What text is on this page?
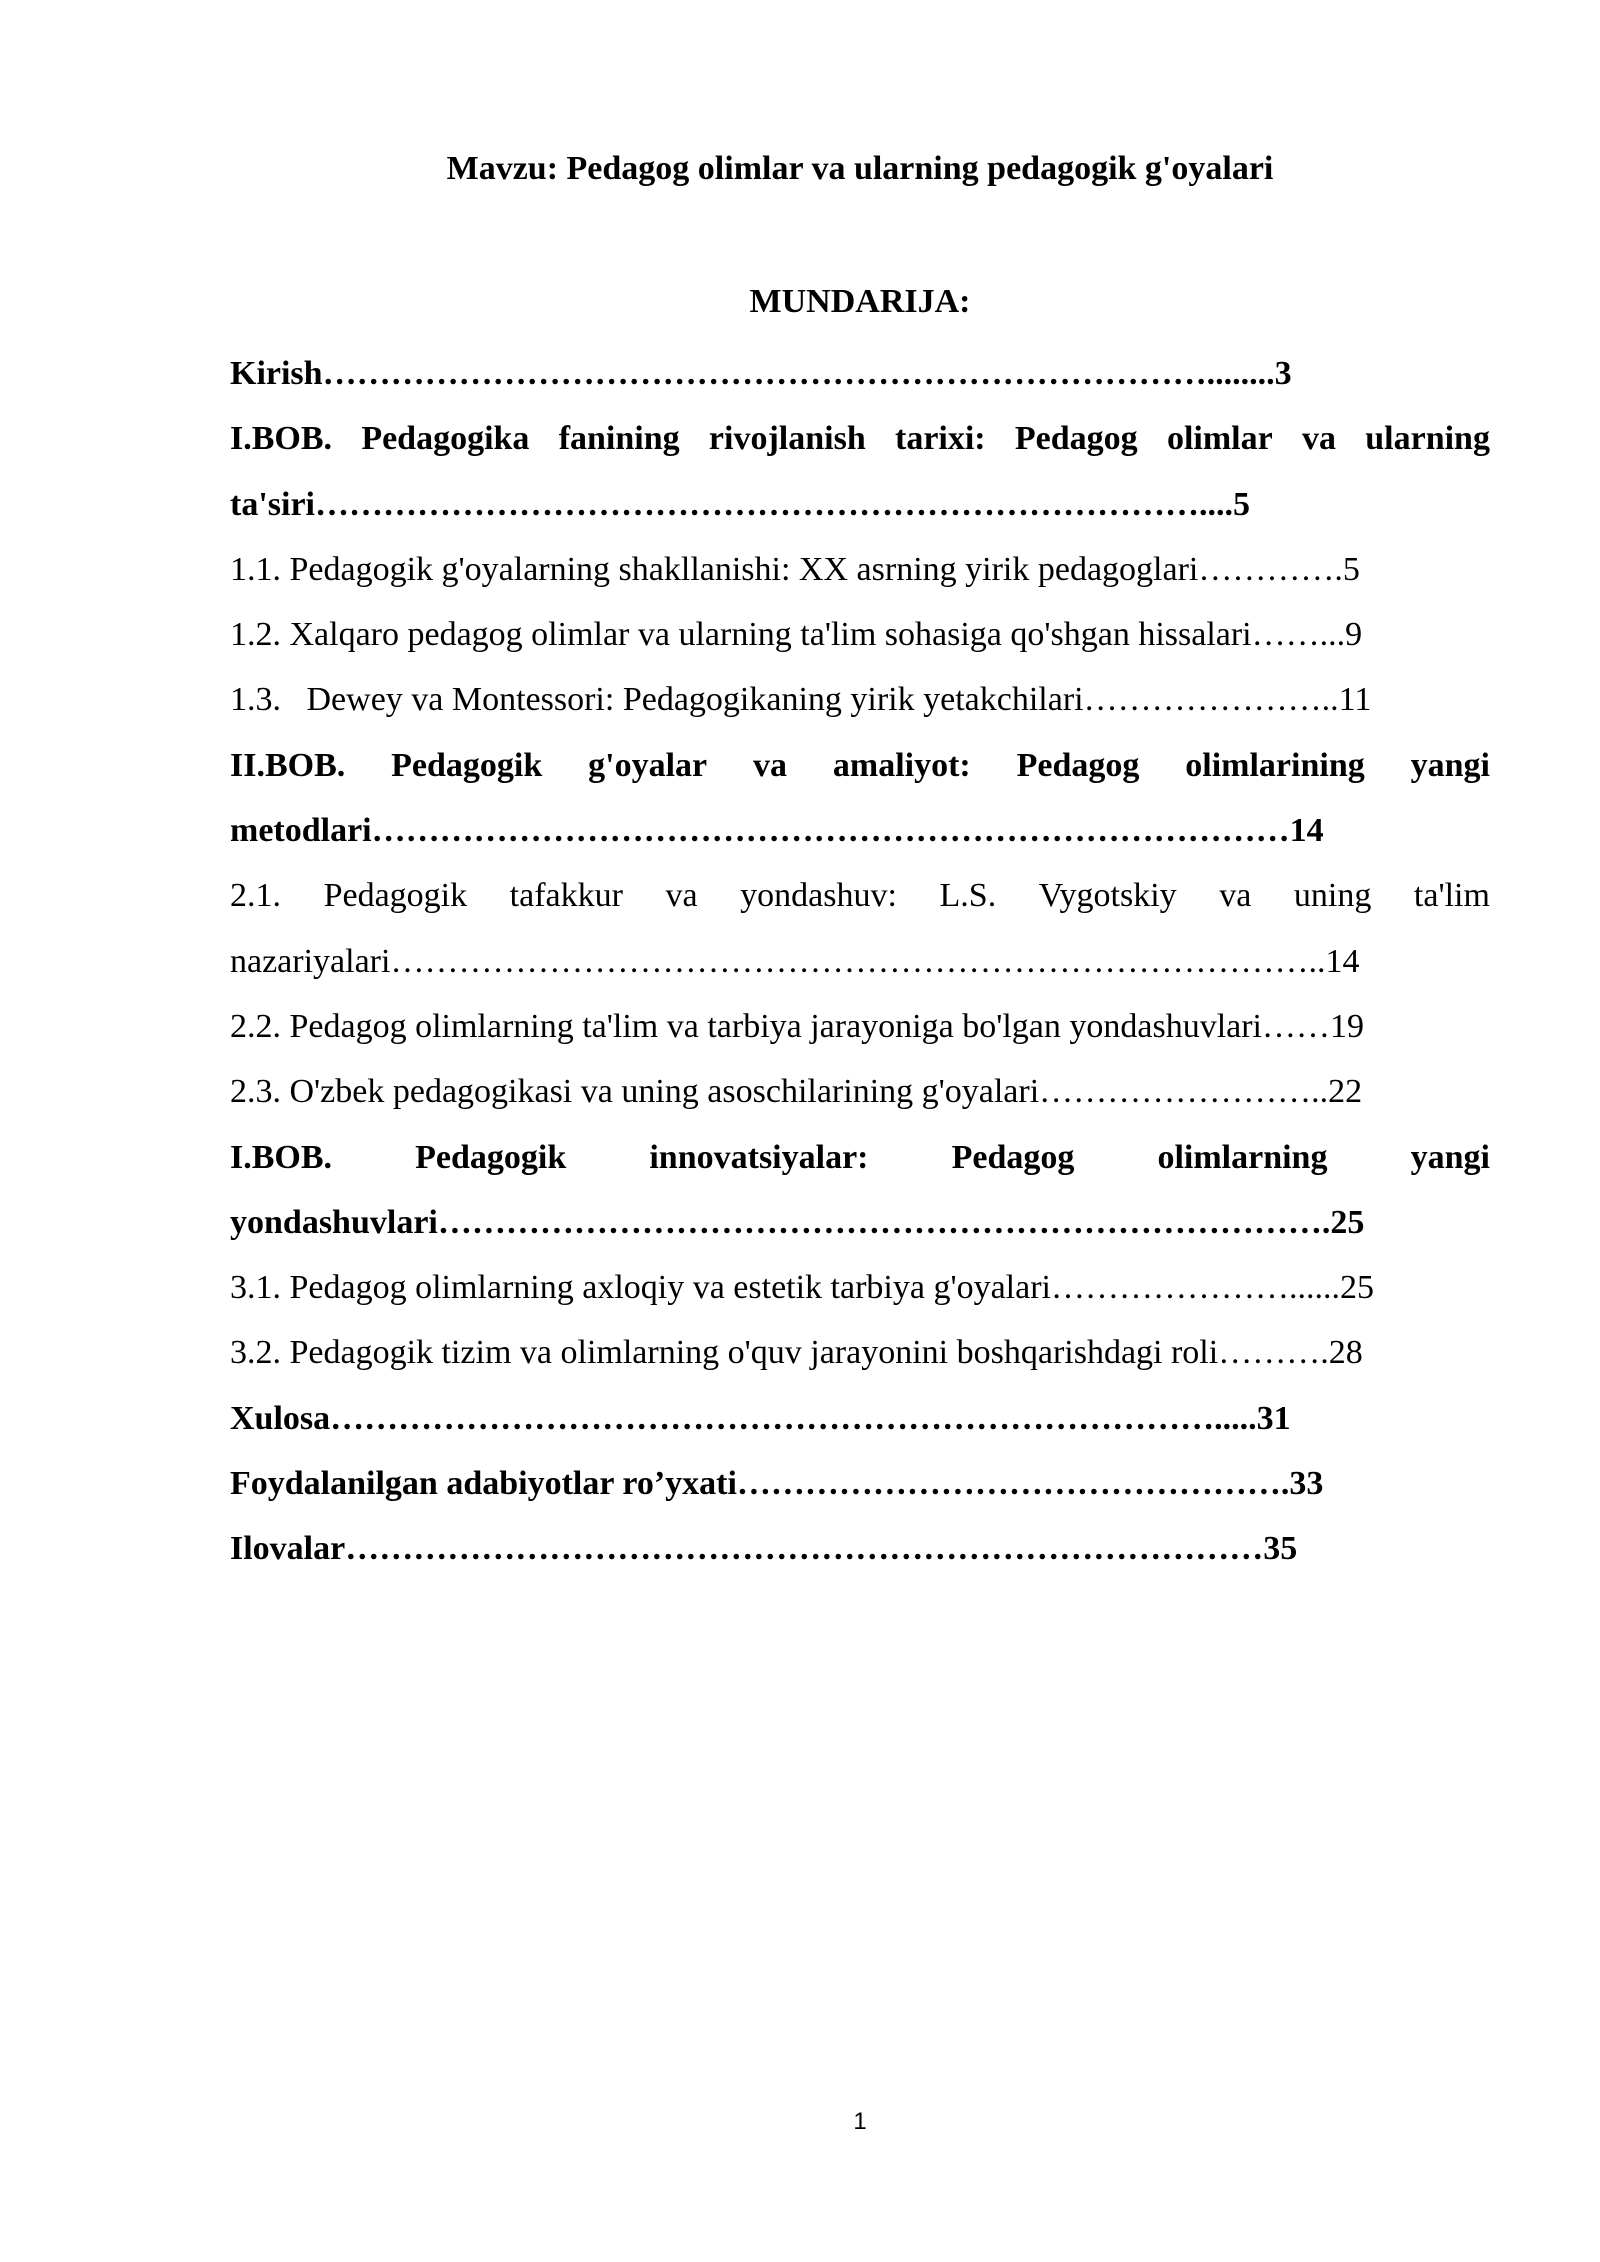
Mavzu: Pedagog olimlar va ularning pedagogik g'oyalari
MUNDARIJA:
Kirish……………………………………………………………………........3
I.BOB. Pedagogika fanining rivojlanish tarixi: Pedagog olimlar va ularning
ta'siri……………………………………………………………………....5
1.1. Pedagogik g'oyalarning shakllanishi: XX asrning yirik pedagoglari………….5
1.2. Xalqaro pedagog olimlar va ularning ta'lim sohasiga qo'shgan hissalari……...9
1.3.   Dewey va Montessori: Pedagogikaning yirik yetakchilari…………………..11
II.BOB. Pedagogik g'oyalar va amaliyot: Pedagog olimlarining yangi
metodlari………………………………………………………………………14
2.1. Pedagogik tafakkur va yondashuv: L.S. Vygotskiy va uning ta'lim
nazariyalari………………………………………………………………………..14
2.2. Pedagog olimlarning ta'lim va tarbiya jarayoniga bo'lgan yondashuvlari……19
2.3. O'zbek pedagogikasi va uning asoschilarining g'oyalari……………………..22
I.BOB. Pedagogik innovatsiyalar: Pedagog olimlarning yangi
yondashuvlari…………………………………………………………………….25
3.1. Pedagog olimlarning axloqiy va estetik tarbiya g'oyalari…………………......25
3.2. Pedagogik tizim va olimlarning o'quv jarayonini boshqarishdagi roli……….28
Xulosa…………………………………………………………………….....31
Foydalanilgan adabiyotlar ro’yxati………………………………………….33
Ilovalar………………………………………………………………………35
1
